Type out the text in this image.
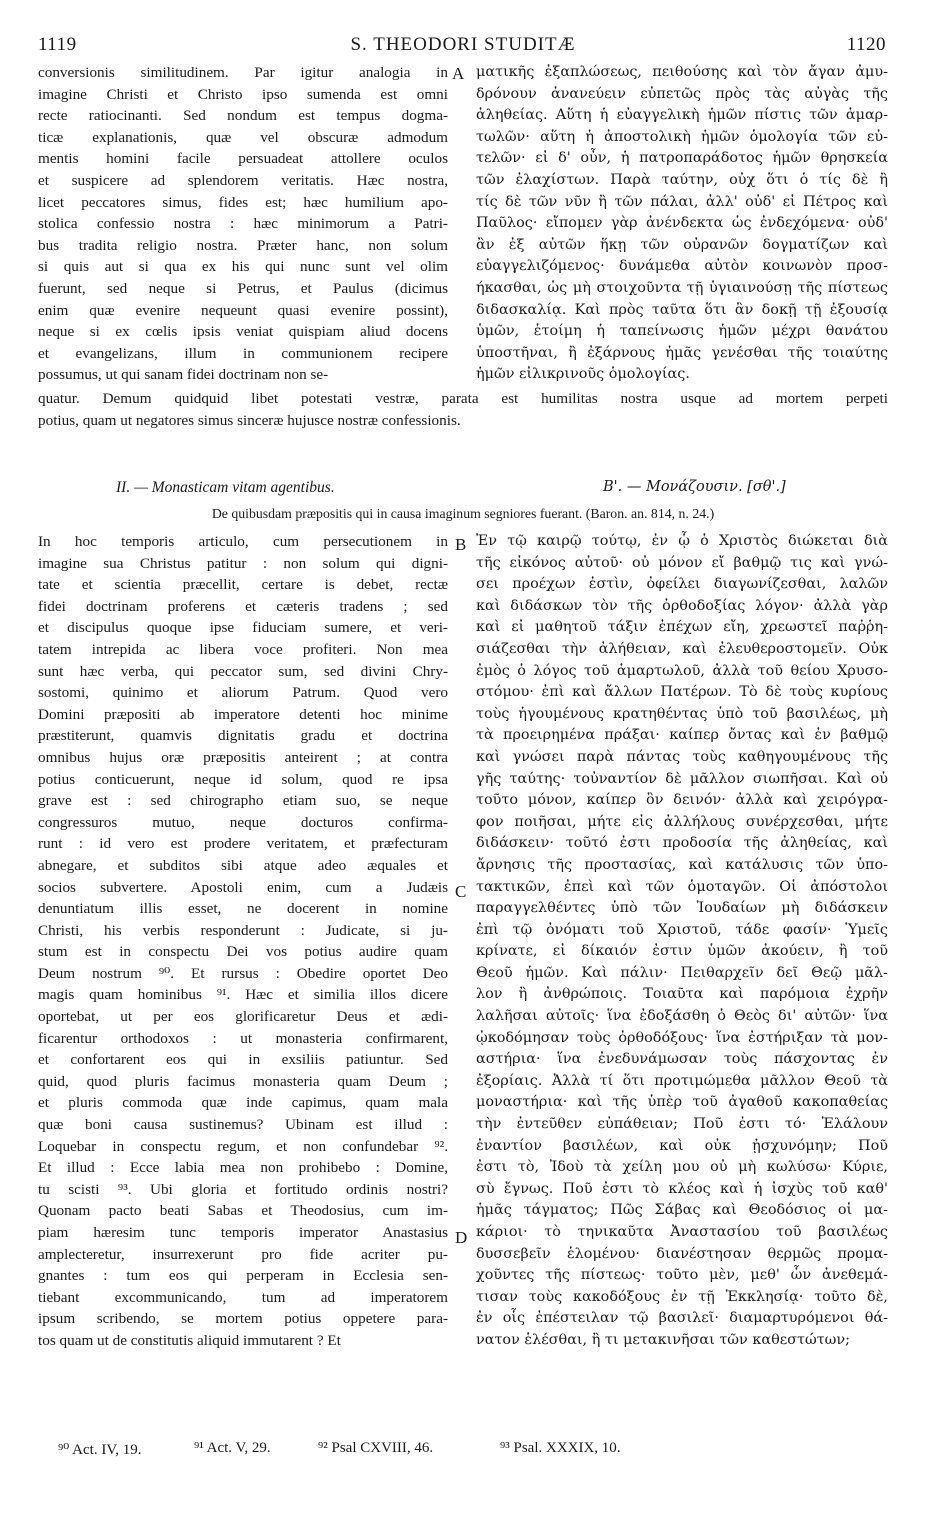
1119	S. THEODORI STUDITÆ	1120
conversionis similitudinem. Par igitur analogia in
imagine Christi et Christo ipso sumenda est omni
recte ratiocinanti. Sed nondum est tempus dogma-
ticæ explanationis, quæ vel obscuræ admodum
mentis homini facile persuadeat attollere oculos
et suspicere ad splendorem veritatis. Hæc nostra,
licet peccatores simus, fides est; hæc humilium apo-
stolica confessio nostra : hæc minimorum a Patri-
bus tradita religio nostra. Præter hanc, non solum
si quis aut si qua ex his qui nunc sunt vel olim
fuerunt, sed neque si Petrus, et Paulus (dicimus
enim quæ evenire nequeunt quasi evenire possint),
neque si ex cœlis ipsis veniat quispiam aliud docens
et evangelizans, illum in communionem recipere
possumus, ut qui sanam fidei doctrinam non se-
ματικῆς ἐξαπλώσεως, πειθούσης καὶ τὸν ἄγαν ἀμυ-
δρόνουν ἀνανεύειν εὐπετῶς πρὸς τὰς αὐγὰς τῆς
ἀληθείας. Αὕτη ἡ εὐαγγελικὴ ἡμῶν πίστις τῶν ἁμαρ-
τωλῶν· αὕτη ἡ ἀποστολικὴ ἡμῶν ὁμολογία τῶν εὐ-
τελῶν· εἰ δ' οὖν, ἡ πατροπαράδοτος ἡμῶν θρησκεία
τῶν ἐλαχίστων. Παρὰ ταύτην, οὐχ ὅτι ὁ τίς δὲ ἢ
τίς δὲ τῶν νῦν ἢ τῶν πάλαι, ἀλλ' οὐδ' εἰ Πέτρος καὶ
Παῦλος· εἴπομεν γὰρ ἀνένδεκτα ὡς ἐνδεχόμενα· οὐδ'
ἂν ἐξ αὐτῶν ἥκῃ τῶν οὐρανῶν δογματίζων καὶ
εὐαγγελιζόμενος· δυνάμεθα αὐτὸν κοινωνὸν προσ-
ήκασθαι, ὡς μὴ στοιχοῦντα τῇ ὑγιαινούσῃ τῆς πίστεως
διδασκαλίᾳ. Καὶ πρὸς ταῦτα ὅτι ἂν δοκῇ τῇ ἐξουσίᾳ
ὑμῶν, ἑτοίμη ἡ ταπείνωσις ἡμῶν μέχρι θανάτου
ὑποστῆναι, ἢ ἐξάρνους ἡμᾶς γενέσθαι τῆς τοιαύτης
ἡμῶν εἰλικρινοῦς ὁμολογίας.
A
B
C
D
quatur. Demum quidquid libet potestati vestræ, parata est humilitas nostra usque ad mortem perpeti
potius, quam ut negatores simus sinceræ hujusce nostræ confessionis.
II. — Monasticam vitam agentibus.	Β'. — Μονάζουσιν. [σθ'.]
De quibusdam præpositis qui in causa imaginum segniores fuerant. (Baron. an. 814, n. 24.)
In hoc temporis articulo, cum persecutionem in
imagine sua Christus patitur : non solum qui digni-
tate et scientia præcellit, certare is debet, rectæ
fidei doctrinam proferens et cæteris tradens ; sed
et discipulus quoque ipse fiduciam sumere, et veri-
tatem intrepida ac libera voce profiteri. Non mea
sunt hæc verba, qui peccator sum, sed divini Chry-
sostomi, quinimo et aliorum Patrum. Quod vero
Domini præpositi ab imperatore detenti hoc minime
præstiterunt, quamvis dignitatis gradu et doctrina
omnibus hujus oræ præpositis anteirent ; at contra
potius conticuerunt, neque id solum, quod re ipsa
grave est : sed chirographo etiam suo, se neque
congressuros mutuo, neque docturos confirma-
runt : id vero est prodere veritatem, et præfecturam
abnegare, et subditos sibi atque adeo æquales et
socios subvertere. Apostoli enim, cum a Judæis
denuntiatum illis esset, ne docerent in nomine
Christi, his verbis responderunt : Judicate, si ju-
stum est in conspectu Dei vos potius audire quam
Deum nostrum ⁹⁰. Et rursus : Obedire oportet Deo
magis quam hominibus ⁹¹. Hæc et similia illos dicere
oportebat, ut per eos glorificaretur Deus et ædi-
ficarentur orthodoxos : ut monasteria confirmarent,
et confortarent eos qui in exsiliis patiuntur. Sed
quid, quod pluris facimus monasteria quam Deum ;
et pluris commoda quæ inde capimus, quam mala
quæ boni causa sustinemus? Ubinam est illud :
Loquebar in conspectu regum, et non confundebar ⁹².
Et illud : Ecce labia mea non prohibebo : Domine,
tu scisti ⁹³. Ubi gloria et fortitudo ordinis nostri?
Quonam pacto beati Sabas et Theodosius, cum im-
piam hæresim tunc temporis imperator Anastasius
amplecteretur, insurrexerunt pro fide acriter pu-
gnantes : tum eos qui perperam in Ecclesia sen-
tiebant excommunicando, tum ad imperatorem
ipsum scribendo, se mortem potius oppetere para-
tos quam ut de constitutis aliquid immutarent ? Et
Ἐν τῷ καιρῷ τούτῳ, ἐν ᾧ ὁ Χριστὸς διώκεται διὰ
τῆς εἰκόνος αὐτοῦ· οὐ μόνον εἴ βαθμῷ τις καὶ γνώ-
σει προέχων ἐστὶν, ὀφείλει διαγωνίζεσθαι, λαλῶν
καὶ διδάσκων τὸν τῆς ὀρθοδοξίας λόγον· ἀλλὰ γὰρ
καὶ εἰ μαθητοῦ τάξιν ἐπέχων εἴη, χρεωστεῖ παῤῥη-
σιάζεσθαι τὴν ἀλήθειαν, καὶ ἐλευθεροστομεῖν. Οὐκ
ἐμὸς ὁ λόγος τοῦ ἁμαρτωλοῦ, ἀλλὰ τοῦ θείου Χρυσο-
στόμου· ἐπὶ καὶ ἄλλων Πατέρων. Τὸ δὲ τοὺς κυρίους
τοὺς ἡγουμένους κρατηθέντας ὑπὸ τοῦ βασιλέως, μὴ
τὰ προειρημένα πράξαι· καίπερ ὄντας καὶ ἐν βαθμῷ
καὶ γνώσει παρὰ πάντας τοὺς καθηγουμένους τῆς
γῆς ταύτης· τοὐναντίον δὲ μᾶλλον σιωπῆσαι. Καὶ οὐ
τοῦτο μόνον, καίπερ ὂν δεινόν· ἀλλὰ καὶ χειρόγρα-
φον ποιῆσαι, μήτε εἰς ἀλλήλους συνέρχεσθαι, μήτε
διδάσκειν· τοῦτό ἐστι προδοσία τῆς ἀληθείας, καὶ
ἄρνησις τῆς προστασίας, καὶ κατάλυσις τῶν ὑπο-
τακτικῶν, ἐπεὶ καὶ τῶν ὁμοταγῶν. Οἱ ἀπόστολοι
παραγγελθέντες ὑπὸ τῶν Ἰουδαίων μὴ διδάσκειν
ἐπὶ τῷ ὀνόματι τοῦ Χριστοῦ, τάδε φασίν· Ὑμεῖς
κρίνατε, εἰ δίκαιόν ἐστιν ὑμῶν ἀκούειν, ἢ τοῦ
Θεοῦ ἡμῶν. Καὶ πάλιν· Πειθαρχεῖν δεῖ Θεῷ μᾶλ-
λον ἢ ἀνθρώποις. Τοιαῦτα καὶ παρόμοια ἐχρῆν
λαλῆσαι αὐτοῖς· ἵνα ἐδοξάσθη ὁ Θεὸς δι' αὐτῶν· ἵνα
ᾠκοδόμησαν τοὺς ὀρθοδόξους· ἵνα ἐστήριξαν τὰ μον-
αστήρια· ἵνα ἐνεδυνάμωσαν τοὺς πάσχοντας ἐν
ἐξορίαις. Ἀλλὰ τί ὅτι προτιμώμεθα μᾶλλον Θεοῦ τὰ
μοναστήρια· καὶ τῆς ὑπὲρ τοῦ ἀγαθοῦ κακοπαθείας
τὴν ἐντεῦθεν εὐπάθειαν; Ποῦ ἐστι τό· Ἐλάλουν
ἐναντίον βασιλέων, καὶ οὐκ ᾐσχυνόμην; Ποῦ
ἐστι τὸ, Ἰδοὺ τὰ χείλη μου οὐ μὴ κωλύσω· Κύριε,
σὺ ἔγνως. Ποῦ ἐστι τὸ κλέος καὶ ἡ ἰσχὺς τοῦ καθ'
ἡμᾶς τάγματος; Πῶς Σάβας καὶ Θεοδόσιος οἱ μα-
κάριοι· τὸ τηνικαῦτα Ἀναστασίου τοῦ βασιλέως
δυσσεβεῖν ἑλομένου· διανέστησαν θερμῶς προμα-
χοῦντες τῆς πίστεως· τοῦτο μὲν, μεθ' ὧν ἀνεθεμά-
τισαν τοὺς κακοδόξους ἐν τῇ Ἐκκλησίᾳ· τοῦτο δὲ,
ἐν οἷς ἐπέστειλαν τῷ βασιλεῖ· διαμαρτυρόμενοι θά-
νατον ἑλέσθαι, ἢ τι μετακινῆσαι τῶν καθεστώτων;
⁹⁰ Act. IV, 19.	⁹¹ Act. V, 29.	⁹² Psal CXVIII, 46.	⁹³ Psal. XXXIX, 10.
